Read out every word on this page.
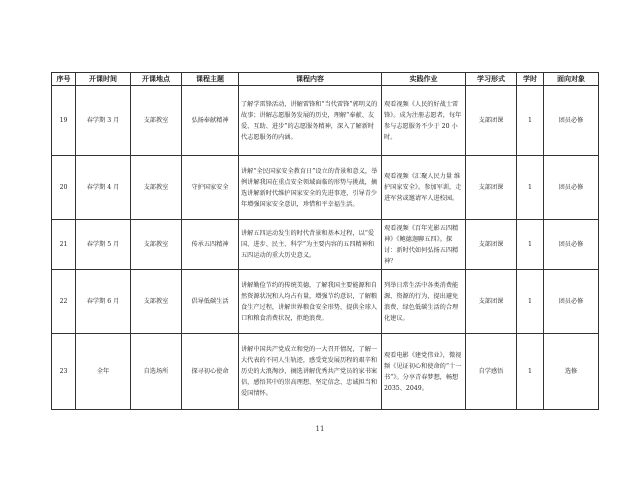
序号	开课时间	开课地点	课程主题	课程内容	实践作业	学习形式	学时	面向对象
19	春学期 3 月	支部教室	弘扬奉献精神	了解学雷锋活动，讲解雷锋和“当代雷锋”郭明义的故事；讲解志愿服务发展的历史，理解“奉献、友爱、互助、进步”的志愿服务精神，深入了解新时代志愿服务的内涵。	观看视频《人民的好战士雷锋》。成为注册志愿者，每年参与志愿服务不少于 20 小时。	支部团课	1	团员必修
20	春学期 4 月	支部教室	守护国家安全	讲解“全民国家安全教育日”设立的背景和意义，举例讲解我国在重点安全领域面临的形势与挑战，摘选讲解新时代维护国家安全的先进事迹，引导青少年增强国家安全意识，珍惜和平幸福生活。	观看视频《汇聚人民力量 维护国家安全》。参加军训，走进军营或邀请军人进校园。	支部团课	1	团员必修
21	春学期 5 月	支部教室	传承五四精神	讲解五四运动发生的时代背景和基本过程，以“爱国、进步、民主、科学”为主要内容的五四精神和五四运动的重大历史意义。	观看视频《百年光影五四精神》《鲍德迦聊五四》。探讨：新时代如何弘扬五四精神？	支部团课	1	团员必修
22	春学期 6 月	支部教室	倡导低碳生活	讲解勤俭节约的传统美德，了解我国主要能源和自然资源状况和人均占有量，增强节约意识，了解粮食生产过程，讲解世界粮食安全形势，提供全球人口和粮食消费状况，拒绝浪费。	列举日常生活中各类消费能源、资源的行为，提出避免浪费、绿色低碳生活的合理化建议。	支部团课	1	团员必修
23	全年	自选场所	探寻初心使命	讲解中国共产党成立和党的一大召开情况，了解一大代表的不同人生轨迹，感受党发展历程的艰辛和历史的大浪淘沙，摘选讲解优秀共产党员的家书案信，感悟其中的崇高理想、坚定信念、忠诚担当和爱国情怀。	观看电影《建党伟业》，微视频《见证初心和使命的“十一书”》。分享青春梦想，畅想 2035、2049。	自学感悟	1	选修
11
